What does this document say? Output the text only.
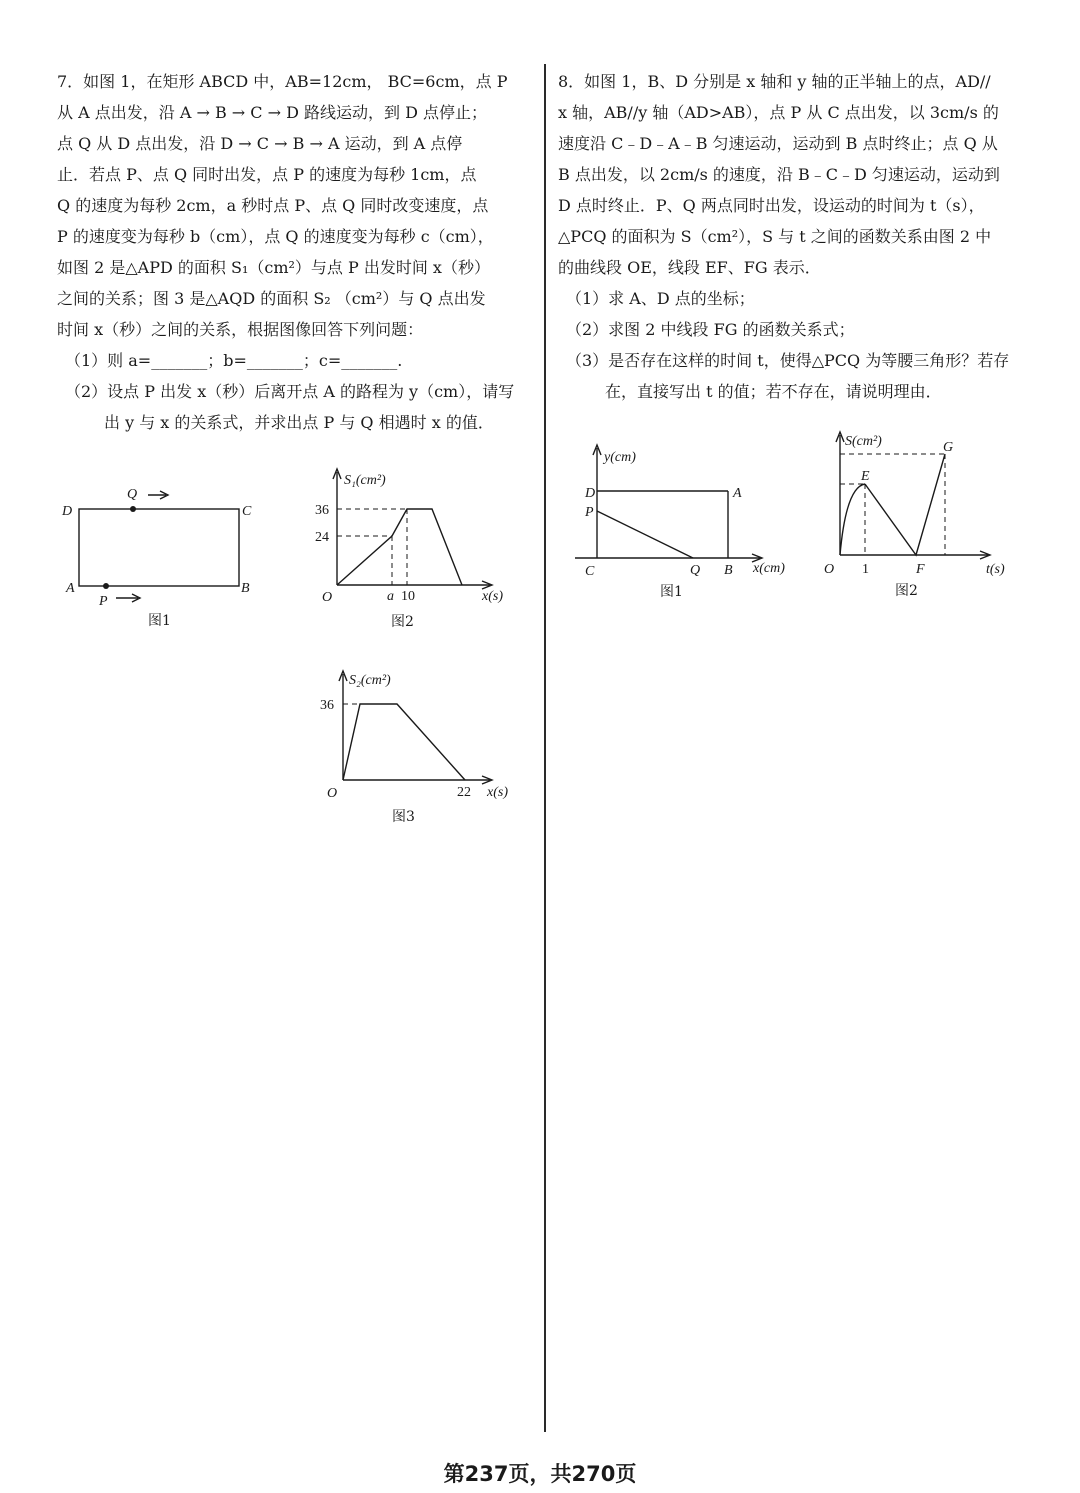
7．如图 1，在矩形 ABCD 中，AB=12cm， BC=6cm，点 P

从 A 点出发，沿 A → B → C → D 路线运动，到 D 点停止；

点 Q 从 D 点出发，沿 D → C → B → A 运动，到 A 点停

止．若点 P、点 Q 同时出发，点 P 的速度为每秒 1cm，点

Q 的速度为每秒 2cm，a 秒时点 P、点 Q 同时改变速度，点

P 的速度变为每秒 b（cm），点 Q 的速度变为每秒 c（cm），

如图 2 是△APD 的面积 S₁（cm²）与点 P 出发时间 x（秒）

之间的关系；图 3 是△AQD 的面积 S₂ （cm²）与 Q 点出发

时间 x（秒）之间的关系，根据图像回答下列问题：

（1）则 a=_______；b=_______；c=_______.

（2）设点 P 出发 x（秒）后离开点 A 的路程为 y（cm），请写出 y 与 x 的关系式，并求出点 P 与 Q 相遇时 x 的值．

8．如图 1，B、D 分别是 x 轴和 y 轴的正半轴上的点，AD//

x 轴，AB//y 轴（AD>AB），点 P 从 C 点出发，以 3cm/s 的

速度沿 C﹣D﹣A﹣B 匀速运动，运动到 B 点时终止；点 Q 从

B 点出发，以 2cm/s 的速度，沿 B﹣C﹣D 匀速运动，运动到

D 点时终止．P、Q 两点同时出发，设运动的时间为 t（s），

△PCQ 的面积为 S（cm²），S 与 t 之间的函数关系由图 2 中

的曲线段 OE，线段 EF、FG 表示．

（1）求 A、D 点的坐标；

（2）求图 2 中线段 FG 的函数关系式；

（3）是否存在这样的时间 t，使得△PCQ 为等腰三角形？若存在，直接写出 t 的值；若不存在，请说明理由．

D	C
A	B
Q
P
图1
S₁(cm²)
x(s)
O
36
24
a 10
图2
S₂(cm²)
x(s)
O
36
22
图3
y(cm)
x(cm)
D	A
P
C	Q B
图1
S(cm²)
t(s)
O 1	F
E
G
图2
第237页，共270页
